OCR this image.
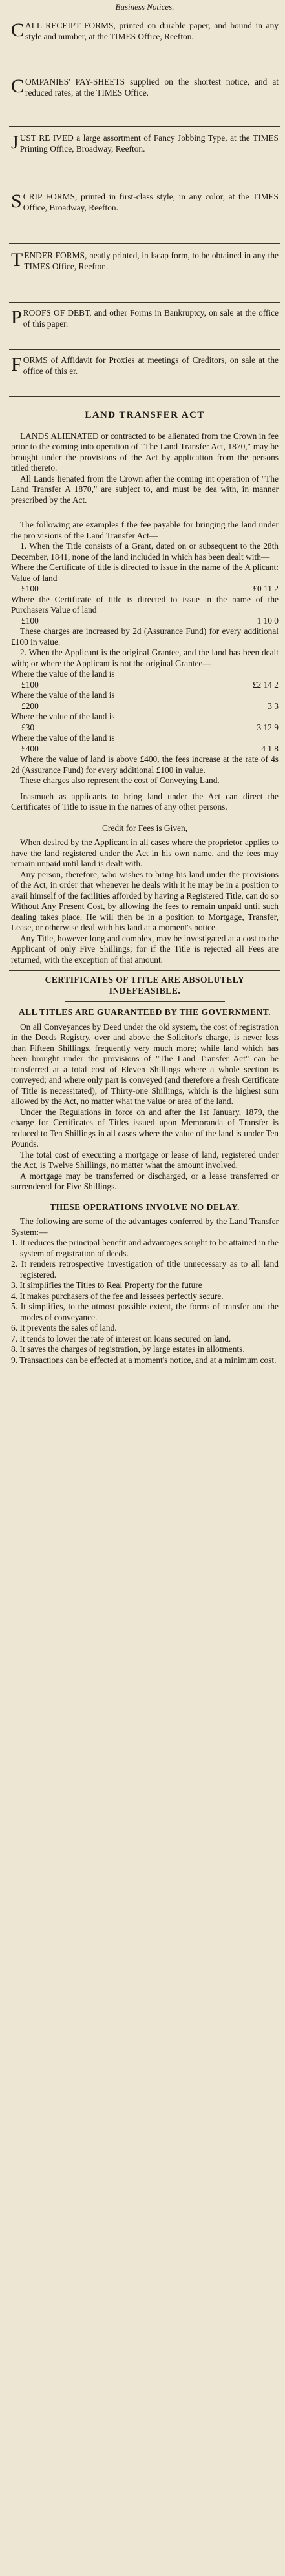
Business Notices.
C ALL RECEIPT FORMS, printed on durable paper, and bound in any style and number, at the TIMES Office, Reefton.

C OMPANIES' PAY-SHEETS supplied on the shortest notice, and at reduced rates, at the TIMES Office.

J UST RE IVED a large assortment of Fancy Jobbing Type, at the TIMES Printing Office, Broadway, Reefton.

S CRIP FORMS, printed in first-class style, in any color, at the TIMES Office, Broadway, Reefton.

T ENDER FORMS, neatly printed, in lscap form, to be obtained in any the TIMES Office, Reefton.

P ROOFS OF DEBT, and other Forms in Bankruptcy, on sale at the office of this paper.

F ORMS of Affidavit for Proxies at meetings of Creditors, on sale at the office of this er.

LAND TRANSFER ACT

LANDS ALIENATED or contracted to be alienated from the Crown in fee prior to the coming into operation of "The Land Transfer Act, 1870," may be brought under the provisions of the Act by application from the persons titled thereto.

All Lands lienated from the Crown after the coming int operation of "The Land Transfer A 1870," are subject to, and must be dea with, in manner prescribed by the Act.

The following are examples f the fee payable for bringing the land under the pro visions of the Land Transfer Act—

1. When the Title consists of a Grant, dated on or subsequent to the 28th December, 1841, none of the land included in which has been dealt with—

Where the Certificate of title is directed to issue in the name of the A plicant: Value of land

£100	£0 11 2

Where the Certificate of title is directed to issue in the name of the Purchasers Value of land

£100	1 10 0

These charges are increased by 2d (Assurance Fund) for every additional £100 in value.

2. When the Applicant is the original Grantee, and the land has been dealt with; or where the Applicant is not the original Grantee—

Where the value of the land is

£100	£2 14 2

Where the value of the land is

£200	3 3

Where the value of the land is

£30	3 12 9

Where the value of the land is

£400	4 1 8

Where the value of land is above £400, the fees increase at the rate of 4s 2d (Assurance Fund) for every additional £100 in value.

These charges also represent the cost of Conveying Land.

Inasmuch as applicants to bring land under the Act can direct the Certificates of Title to issue in the names of any other persons.

Credit for Fees is Given,

When desired by the Applicant in all cases where the proprietor applies to have the land registered under the Act in his own name, and the fees may remain unpaid until land is dealt with.

Any person, therefore, who wishes to bring his land under the provisions of the Act, in order that whenever he deals with it he may be in a position to avail himself of the facilities afforded by having a Registered Title, can do so Without Any Present Cost, by allowing the fees to remain unpaid until such dealing takes place. He will then be in a position to Mortgage, Transfer, Lease, or otherwise deal with his land at a moment's notice.

Any Title, however long and complex, may be investigated at a cost to the Applicant of only Five Shillings; for if the Title is rejected all Fees are returned, with the exception of that amount.

CERTIFICATES OF TITLE ARE ABSOLUTELY INDEFEASIBLE.

ALL TITLES ARE GUARANTEED BY THE GOVERNMENT.

On all Conveyances by Deed under the old system, the cost of registration in the Deeds Registry, over and above the Solicitor's charge, is never less than Fifteen Shillings, frequently very much more; while land which has been brought under the provisions of "The Land Transfer Act" can be transferred at a total cost of Eleven Shillings where a whole section is conveyed; and where only part is conveyed (and therefore a fresh Certificate of Title is necessitated), of Thirty-one Shillings, which is the highest sum allowed by the Act, no matter what the value or area of the land.

Under the Regulations in force on and after the 1st January, 1879, the charge for Certificates of Titles issued upon Memoranda of Transfer is reduced to Ten Shillings in all cases where the value of the land is under Ten Pounds.

The total cost of executing a mortgage or lease of land, registered under the Act, is Twelve Shillings, no matter what the amount involved.

A mortgage may be transferred or discharged, or a lease transferred or surrendered for Five Shillings.

THESE OPERATIONS INVOLVE NO DELAY.

The following are some of the advantages conferred by the Land Transfer System:—

1. It reduces the principal benefit and advantages sought to be attained in the system of registration of deeds.

2. It renders retrospective investigation of title unnecessary as to all land registered.

3. It simplifies the Titles to Real Property for the future

4. It makes purchasers of the fee and lessees perfectly secure.

5. It simplifies, to the utmost possible extent, the forms of transfer and the modes of conveyance.

6. It prevents the sales of land.

7. It tends to lower the rate of interest on loans secured on land.

8. It saves the charges of registration, by large estates in allotments.

9. Transactions can be effected at a moment's notice, and at a minimum cost.
